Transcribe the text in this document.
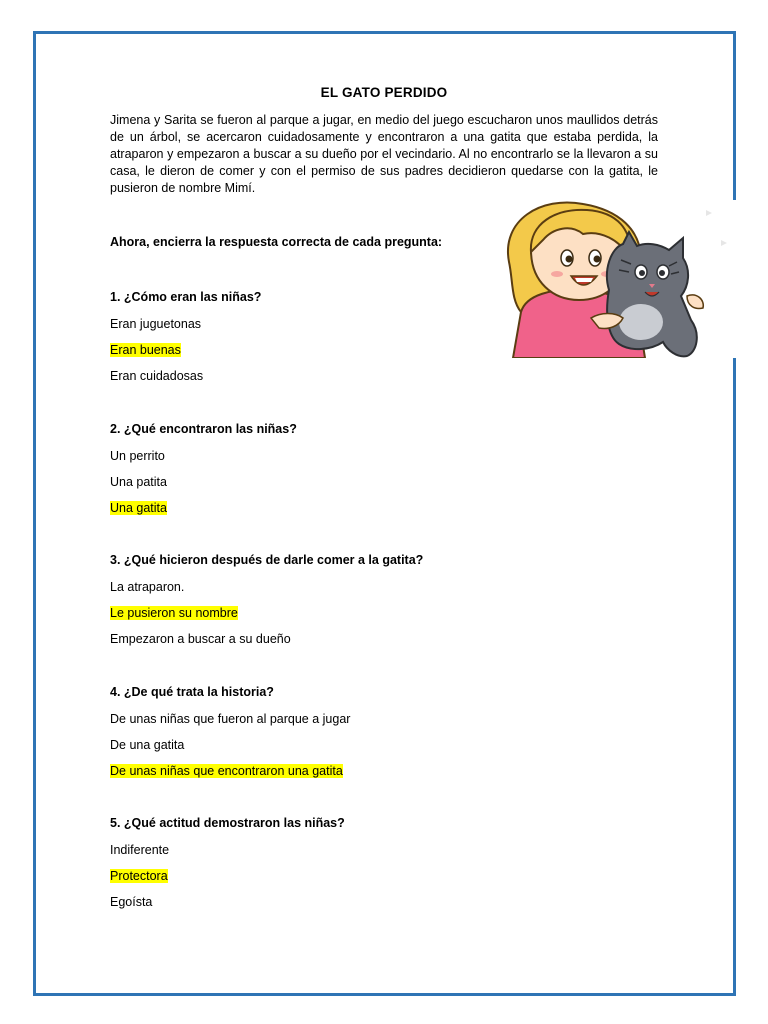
EL GATO PERDIDO

Jimena y Sarita se fueron al parque a jugar, en medio del juego escucharon unos maullidos detrás de un árbol, se acercaron cuidadosamente y encontraron a una gatita que estaba perdida, la atraparon y empezaron a buscar a su dueño por el vecindario. Al no encontrarlo se la llevaron a su casa, le dieron de comer y con el permiso de sus padres decidieron quedarse con la gatita, le pusieron de nombre Mimí.

Ahora, encierra la respuesta correcta de cada pregunta:

1. ¿Cómo eran las niñas?

Eran juguetonas

Eran buenas

Eran cuidadosas

2. ¿Qué encontraron las niñas?

Un perrito

Una patita

Una gatita

3. ¿Qué hicieron después de darle comer a la gatita?

La atraparon.

Le pusieron su nombre

Empezaron a buscar a su dueño

4. ¿De qué trata la historia?

De unas niñas que fueron al parque a jugar

De una gatita

De unas niñas que encontraron una gatita

5. ¿Qué actitud demostraron las niñas?

Indiferente

Protectora

Egoísta
